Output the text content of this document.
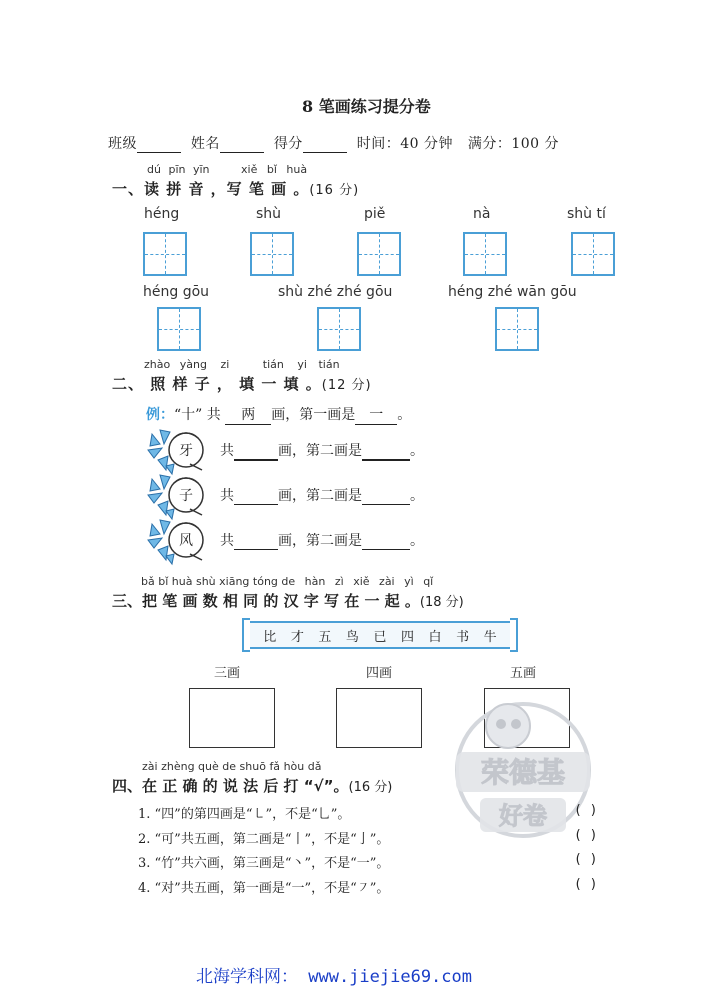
8 笔画练习提分卷
班级	姓名	得分	时间：40 分钟 满分：100 分
dú pīn yīn	xiě bǐ huà
一、读 拼 音 ，写 笔 画 。(16 分)
héng	shù	piě	nà	shù tí
héng gōu	shù zhé zhé gōu	héng zhé wān gōu
zhào yàng zi	tián yi tián
二、 照 样 子 ， 填 一 填 。(12 分)
例：“十” 共 两 画，第一画是 一 。
牙 共	画，第二画是	。
子 共	画，第二画是	。
风 共	画，第二画是	。
bǎ bǐ huà shù xiāng tóng de hàn zì xiě zài yì qǐ
三、把 笔 画 数 相 同 的 汉 字 写 在 一 起 。(18 分)
比 才 五 鸟 已 四 白 书 牛
三画	四画	五画
荣德基
好卷
zài zhèng què de shuō fǎ hòu dǎ
四、在 正 确 的 说 法 后 打 “√”。(16 分)
1. “四”的第四画是“㇄”，不是“乚”。	( )
2. “可”共五画，第二画是“丨”，不是“亅”。	( )
3. “竹”共六画，第三画是“丶”，不是“一”。	( )
4. “对”共五画，第一画是“一”，不是“㇇”。	( )
北海学科网： www.jiejie69.com
